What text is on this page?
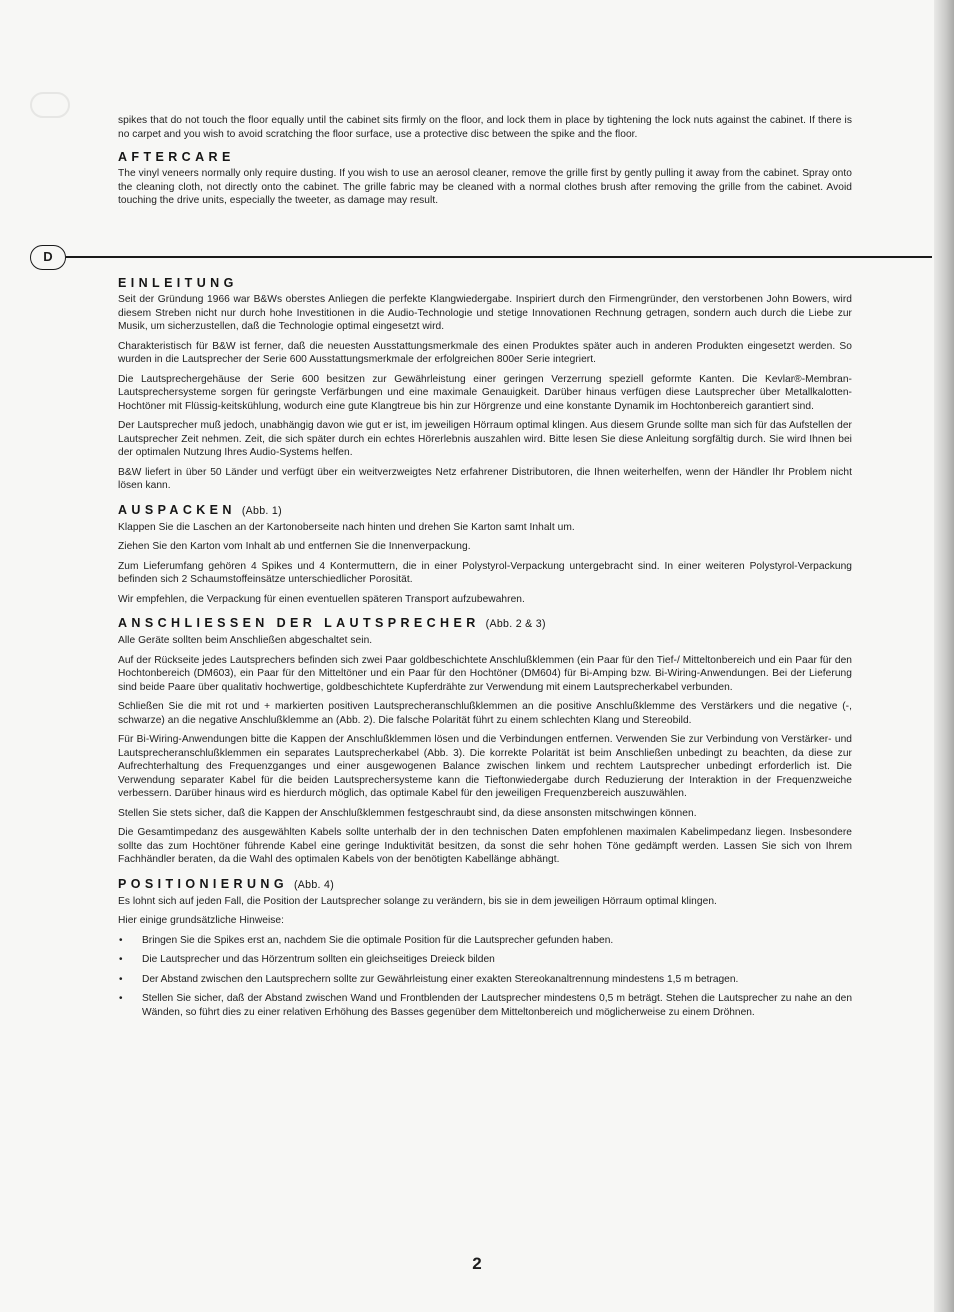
spikes that do not touch the floor equally until the cabinet sits firmly on the floor, and lock them in place by tightening the lock nuts against the cabinet. If there is no carpet and you wish to avoid scratching the floor surface, use a protective disc between the spike and the floor.

AFTERCARE

The vinyl veneers normally only require dusting. If you wish to use an aerosol cleaner, remove the grille first by gently pulling it away from the cabinet. Spray onto the cleaning cloth, not directly onto the cabinet. The grille fabric may be cleaned with a normal clothes brush after removing the grille from the cabinet. Avoid touching the drive units, especially the tweeter, as damage may result.

D
EINLEITUNG

Seit der Gründung 1966 war B&Ws oberstes Anliegen die perfekte Klangwiedergabe. Inspiriert durch den Firmengründer, den verstorbenen John Bowers, wird diesem Streben nicht nur durch hohe Investitionen in die Audio-Technologie und stetige Innovationen Rechnung getragen, sondern auch durch die Liebe zur Musik, um sicherzustellen, daß die Technologie optimal eingesetzt wird.

Charakteristisch für B&W ist ferner, daß die neuesten Ausstattungsmerkmale des einen Produktes später auch in anderen Produkten eingesetzt werden. So wurden in die Lautsprecher der Serie 600 Ausstattungsmerkmale der erfolgreichen 800er Serie integriert.

Die Lautsprechergehäuse der Serie 600 besitzen zur Gewährleistung einer geringen Verzerrung speziell geformte Kanten. Die Kevlar®-Membran-Lautsprechersysteme sorgen für geringste Verfärbungen und eine maximale Genauigkeit. Darüber hinaus verfügen diese Lautsprecher über Metallkalotten-Hochtöner mit Flüssig-keitskühlung, wodurch eine gute Klangtreue bis hin zur Hörgrenze und eine konstante Dynamik im Hochtonbereich garantiert sind.

Der Lautsprecher muß jedoch, unabhängig davon wie gut er ist, im jeweiligen Hörraum optimal klingen. Aus diesem Grunde sollte man sich für das Aufstellen der Lautsprecher Zeit nehmen. Zeit, die sich später durch ein echtes Hörerlebnis auszahlen wird. Bitte lesen Sie diese Anleitung sorgfältig durch. Sie wird Ihnen bei der optimalen Nutzung Ihres Audio-Systems helfen.

B&W liefert in über 50 Länder und verfügt über ein weitverzweigtes Netz erfahrener Distributoren, die Ihnen weiterhelfen, wenn der Händler Ihr Problem nicht lösen kann.

AUSPACKEN (Abb. 1)

Klappen Sie die Laschen an der Kartonoberseite nach hinten und drehen Sie Karton samt Inhalt um.

Ziehen Sie den Karton vom Inhalt ab und entfernen Sie die Innenverpackung.

Zum Lieferumfang gehören 4 Spikes und 4 Kontermuttern, die in einer Polystyrol-Verpackung untergebracht sind. In einer weiteren Polystyrol-Verpackung befinden sich 2 Schaumstoffeinsätze unterschiedlicher Porosität.

Wir empfehlen, die Verpackung für einen eventuellen späteren Transport aufzubewahren.

ANSCHLIESSEN DER LAUTSPRECHER (Abb. 2 & 3)

Alle Geräte sollten beim Anschließen abgeschaltet sein.

Auf der Rückseite jedes Lautsprechers befinden sich zwei Paar goldbeschichtete Anschlußklemmen (ein Paar für den Tief-/ Mitteltonbereich und ein Paar für den Hochtonbereich (DM603), ein Paar für den Mitteltöner und ein Paar für den Hochtöner (DM604) für Bi-Amping bzw. Bi-Wiring-Anwendungen. Bei der Lieferung sind beide Paare über qualitativ hochwertige, goldbeschichtete Kupferdrähte zur Verwendung mit einem Lautsprecherkabel verbunden.

Schließen Sie die mit rot und + markierten positiven Lautsprecheranschlußklemmen an die positive Anschlußklemme des Verstärkers und die negative (-, schwarze) an die negative Anschlußklemme an (Abb. 2). Die falsche Polarität führt zu einem schlechten Klang und Stereobild.

Für Bi-Wiring-Anwendungen bitte die Kappen der Anschlußklemmen lösen und die Verbindungen entfernen. Verwenden Sie zur Verbindung von Verstärker- und Lautsprecheranschlußklemmen ein separates Lautsprecherkabel (Abb. 3). Die korrekte Polarität ist beim Anschließen unbedingt zu beachten, da diese zur Aufrechterhaltung des Frequenzganges und einer ausgewogenen Balance zwischen linkem und rechtem Lautsprecher unbedingt erforderlich ist. Die Verwendung separater Kabel für die beiden Lautsprechersysteme kann die Tieftonwiedergabe durch Reduzierung der Interaktion in der Frequenzweiche verbessern. Darüber hinaus wird es hierdurch möglich, das optimale Kabel für den jeweiligen Frequenzbereich auszuwählen.

Stellen Sie stets sicher, daß die Kappen der Anschlußklemmen festgeschraubt sind, da diese ansonsten mitschwingen können.

Die Gesamtimpedanz des ausgewählten Kabels sollte unterhalb der in den technischen Daten empfohlenen maximalen Kabelimpedanz liegen. Insbesondere sollte das zum Hochtöner führende Kabel eine geringe Induktivität besitzen, da sonst die sehr hohen Töne gedämpft werden. Lassen Sie sich von Ihrem Fachhändler beraten, da die Wahl des optimalen Kabels von der benötigten Kabellänge abhängt.

POSITIONIERUNG (Abb. 4)

Es lohnt sich auf jeden Fall, die Position der Lautsprecher solange zu verändern, bis sie in dem jeweiligen Hörraum optimal klingen.

Hier einige grundsätzliche Hinweise:

• Bringen Sie die Spikes erst an, nachdem Sie die optimale Position für die Lautsprecher gefunden haben.
• Die Lautsprecher und das Hörzentrum sollten ein gleichseitiges Dreieck bilden
• Der Abstand zwischen den Lautsprechern sollte zur Gewährleistung einer exakten Stereokanaltrennung mindestens 1,5 m betragen.
• Stellen Sie sicher, daß der Abstand zwischen Wand und Frontblenden der Lautsprecher mindestens 0,5 m beträgt. Stehen die Lautsprecher zu nahe an den Wänden, so führt dies zu einer relativen Erhöhung des Basses gegenüber dem Mitteltonbereich und möglicherweise zu einem Dröhnen.
2
